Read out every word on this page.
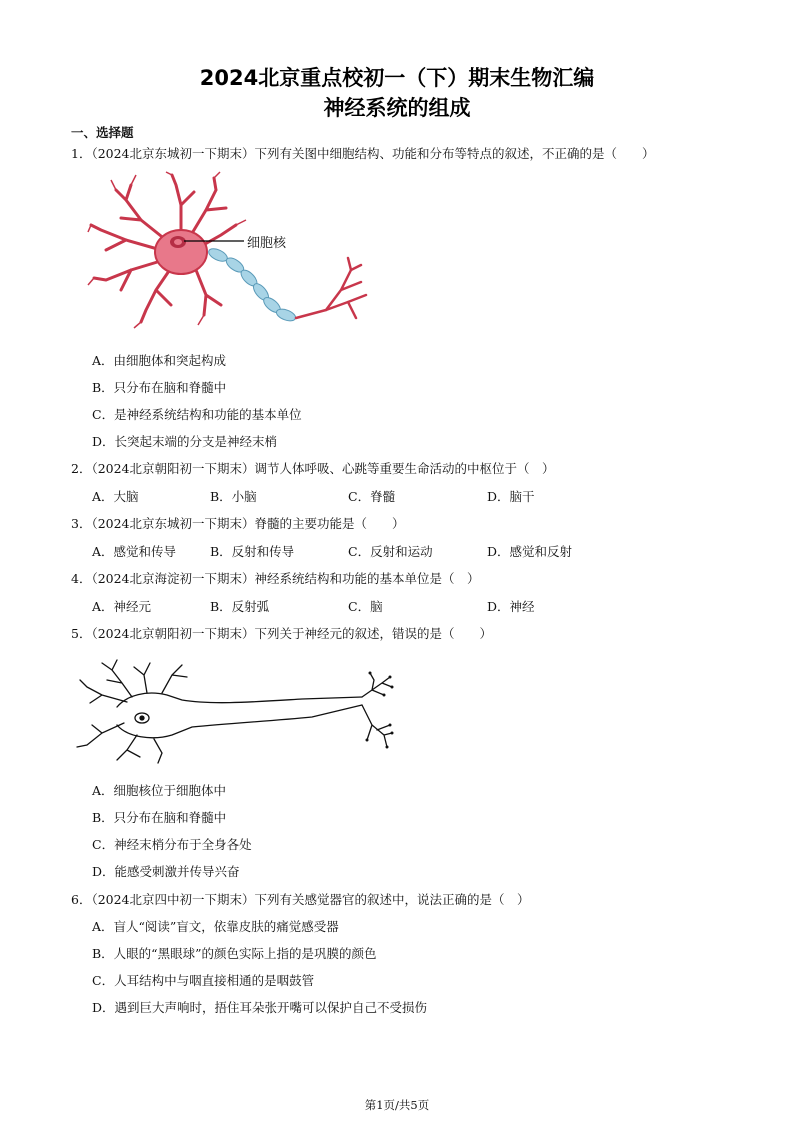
2024北京重点校初一（下）期末生物汇编
神经系统的组成
一、选择题
1．（2024北京东城初一下期末）下列有关图中细胞结构、功能和分布等特点的叙述，不正确的是（　　）
细胞核
A．由细胞体和突起构成
B．只分布在脑和脊髓中
C．是神经系统结构和功能的基本单位
D．长突起末端的分支是神经末梢
2．（2024北京朝阳初一下期末）调节人体呼吸、心跳等重要生命活动的中枢位于（　）
A．大脑	B．小脑	C．脊髓	D．脑干
3．（2024北京东城初一下期末）脊髓的主要功能是（　　）
A．感觉和传导	B．反射和传导	C．反射和运动	D．感觉和反射
4．（2024北京海淀初一下期末）神经系统结构和功能的基本单位是（　）
A．神经元	B．反射弧	C．脑	D．神经
5．（2024北京朝阳初一下期末）下列关于神经元的叙述，错误的是（　　）
A．细胞核位于细胞体中
B．只分布在脑和脊髓中
C．神经末梢分布于全身各处
D．能感受刺激并传导兴奋
6．（2024北京四中初一下期末）下列有关感觉器官的叙述中，说法正确的是（　）
A．盲人“阅读”盲文，依靠皮肤的痛觉感受器
B．人眼的“黑眼球”的颜色实际上指的是巩膜的颜色
C．人耳结构中与咽直接相通的是咽鼓管
D．遇到巨大声响时，捂住耳朵张开嘴可以保护自己不受损伤
第1页/共5页
